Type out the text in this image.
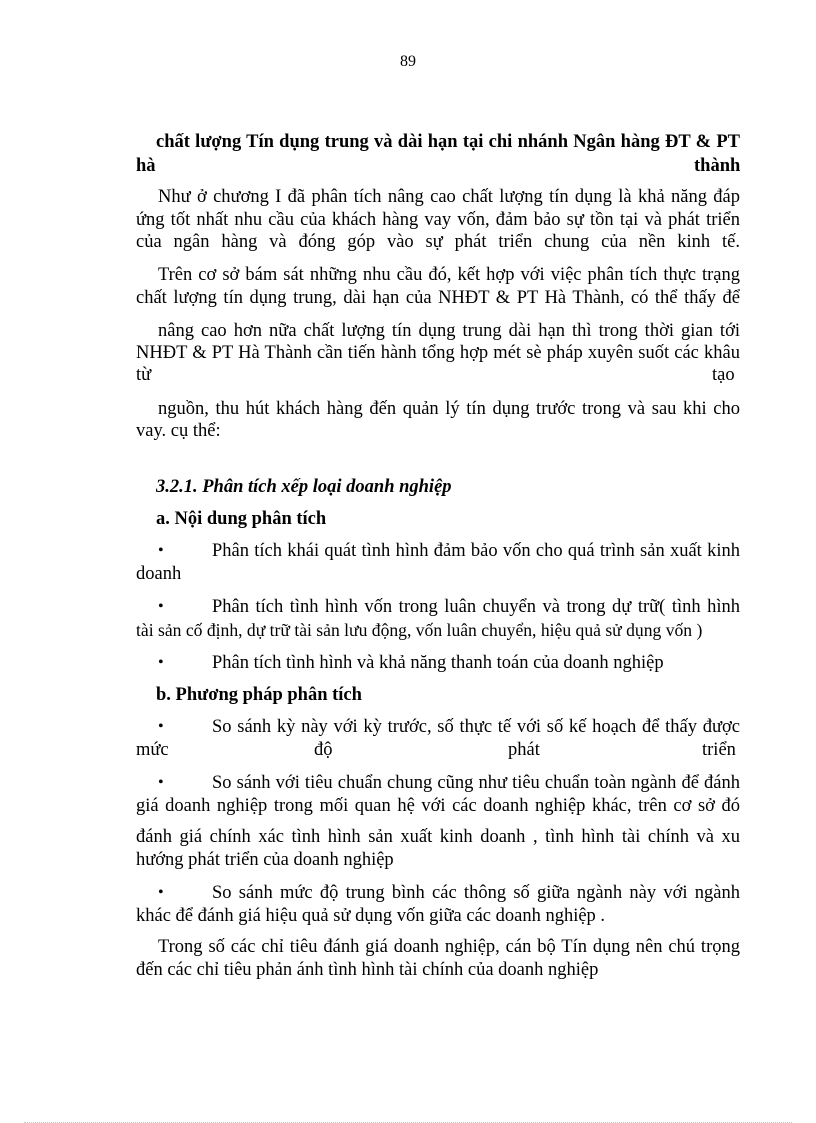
89
chất lượng Tín dụng trung và dài hạn tại chi nhánh Ngân hàng ĐT & PT
hà	thành
Như ở chương I đã phân tích nâng cao chất lượng tín dụng là khả năng đáp
ứng tốt nhất nhu cầu của khách hàng vay vốn, đảm bảo sự tồn tại và phát triển
của ngân hàng và đóng góp vào sự phát triển chung của nền kinh tế.
Trên cơ sở bám sát những nhu cầu đó, kết hợp với việc phân tích thực trạng
chất lượng tín dụng trung, dài hạn của NHĐT & PT Hà Thành, có thể thấy để
nâng cao hơn nữa chất lượng tín dụng trung dài hạn thì trong thời gian tới
NHĐT & PT Hà Thành cần tiến hành tổng hợp mét sè pháp xuyên suốt các khâu
từ	tạo
nguồn, thu hút khách hàng đến quản lý tín dụng trước trong và sau khi cho
vay. cụ thể:
3.2.1. Phân tích xếp loại doanh nghiệp
a. Nội dung phân tích
•	Phân tích khái quát tình hình đảm bảo vốn cho quá trình sản xuất kinh
doanh
•	Phân tích tình hình vốn trong luân chuyển và trong dự trữ( tình hình
tài sản cố định, dự trữ tài sản lưu động, vốn luân chuyển, hiệu quả sử dụng vốn )
•	Phân tích tình hình và khả năng thanh toán của doanh nghiệp
b. Phương pháp phân tích
•	So sánh kỳ này với kỳ trước, số thực tế với số kế hoạch để thấy được
mức	độ	phát	triển
•	So sánh với tiêu chuẩn chung cũng như tiêu chuẩn toàn ngành để đánh
giá doanh nghiệp trong mối quan hệ với các doanh nghiệp khác, trên cơ sở đó
đánh giá chính xác tình hình sản xuất kinh doanh , tình hình tài chính và xu
hướng phát triển của doanh nghiệp
•	So sánh mức độ trung bình các thông số giữa ngành này với ngành
khác để đánh giá hiệu quả sử dụng vốn giữa các doanh nghiệp .
Trong số các chỉ tiêu đánh giá doanh nghiệp, cán bộ Tín dụng nên chú trọng
đến các chỉ tiêu phản ánh tình hình tài chính của doanh nghiệp
